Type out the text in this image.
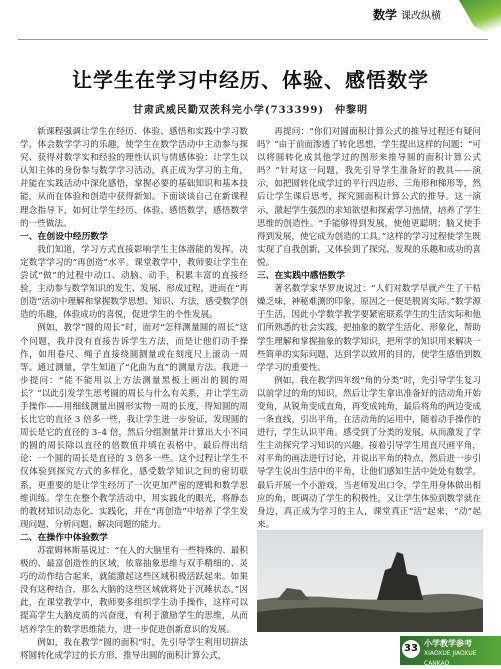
数学 课改纵横
让学生在学习中经历、体验、感悟数学
甘肃武威民勤双茨科完小学(733399)　仲黎明

新课程强调让学生在经历、体验、感悟和实践中学习数学，体会数学学习的乐趣，使学生在数学活动中主动参与探究、获得对数学实和经验的理性认识与情感体验；让学生以认知主体的身份参与数学学习活动，真正成为学习的主角，并能在实践活动中深化感悟，掌握必要的基础知识和基本技能，从而在体验和创造中获得新知。下面谈谈自己在新课程理念指导下，如何让学生经历、体验、感悟数学，感悟数学的一些做法。

一、在创设中经历数学

我们知道，学习方式直接影响学生主体潜能的发挥，决定数学学习的“再创造”水平。课堂教学中，教师要让学生在尝试“做”的过程中动口、动脑、动手，积累丰富的直接经验，主动参与数学知识的发生、发展、形成过程，进而在“再创造”活动中理解和掌握数学思想、知识、方法，感受数学创造的乐趣，体验成功的喜悦，促进学生的个性发展。

例如，教学“圆的周长”时，面对“怎样测量圆的周长”这个问题，我并没有直接告诉学生方法，而是让他们动手操作，如用卷尺、绳子直接绕圆测量或在刻度尺上滚动一周等。通过测量，学生知道了“化曲为直”的测量方法。我进一步提问：“能不能用以上方法测量黑板上画出的圆的周长？”以此引发学生思考圆的周长与什么有关系，并让学生动手操作——用细线测量出圆形实物一周的长度，得知圆的周长比它的直径 3 倍多一些，我让学生进一步验证，发现圆的周长是它的直径的 3–4 倍，然后分组测量并计算出大小不同的圆的周长除以直径的倍数值并填在表格中，最后得出结论：一个圆的周长是直径的 3 倍多一些。这个过程让学生不仅体验到探究方式的多样化，感受数学知识之间的密切联系，更重要的是让学生经历了一次更加严密的逻辑和数学思维训练。学生在整个教学活动中，用实践化的眼光，将静态的教材知识动态化、实践化，并在“再创造”中培养了学生发现问题、分析问题、解决问题的能力。

二、在操作中体验数学

苏霍姆林斯基说过：“在人的大脑里有一些特殊的、最积极的、最富创造性的区域，依靠抽象思维与双手精细的、灵巧的动作结合起来，就能激起这些区域积极活跃起来。如果没有这种结合，那么大脑的这些区域就将处于沉睡状态。”因此，在课堂教学中，教师要多组织学生动手操作，这样可以提高学生大脑皮质的兴奋度，有利于激励学生的思维，从而培养学生的数学思维能力，进一步促进创新意识的发展。

例如，我在教学“圆的面积”时，先引导学生利用切拼法将圆转化成学过的长方形，推导出圆的面积计算公式，

再提问：“你们对圆面积计算公式的推导过程还有疑问吗？”由于前面渗透了转化思想，学生提出这样的问题：“可以将圆转化成其他学过的图形来推导圆的面积计算公式吗？”针对这一问题，我先引导学生准备好的教具——演示，如把圆转化成学过的平行四边形、三角形和梯形等，然后让学生课后思考，探究圆面积计算公式的推导。这一演示，激起学生强烈的求知欲望和探索学习热情，培养了学生思维的创造性。“手能够得到发展，使他更聪明；脑又使手得到发展，使它成为创造的工具。”这样的学习过程使学生既实现了自我创新，又体验到了探究、发现的乐趣和成功的喜悦。

三、在实践中感悟数学

著名数学家华罗庚说过：“人们对数学早就产生了干枯燥乏味，神秘难测的印象，原因之一便是脱离实际。”数学源于生活，因此小学数学教学要紧密联系学生的生活实际和他们所熟悉的社会实践，把抽象的数学生活化、形象化，帮助学生理解和掌握抽象的数学知识，把所学的知识用来解决一些简单的实际问题，达到学以致用的目的，使学生感悟到数学学习的重要性。

例如，我在教学四年级“角的分类”时，先引导学生复习以前学过的角的知识，然后让学生拿出准备好的活动角开始变角，从锐角变成直角，再变成钝角，最后将角的两边变成一条直线，引出平角，在活动角的运用中，随着动手操作的进行，学生认识平角。感受到了分类的发展，从而激发了学生主动探究学习知识的兴趣。接着引导学生用直尺画平角，对平角的画法进行讨论，并说出平角的特点，然后进一步引导学生说出生活中的平角，让他们感知生活中处处有数学。最后开展一个小游戏，当老师发出口令，学生用身体做出相应的角，既调动了学生的积极性，又让学生体验到数学就在身边，真正成为学习的主人，课堂真正“活”起来，“动”起来。

33 小学教学参考
XIAOXUE JIAOXUE CANKAO
